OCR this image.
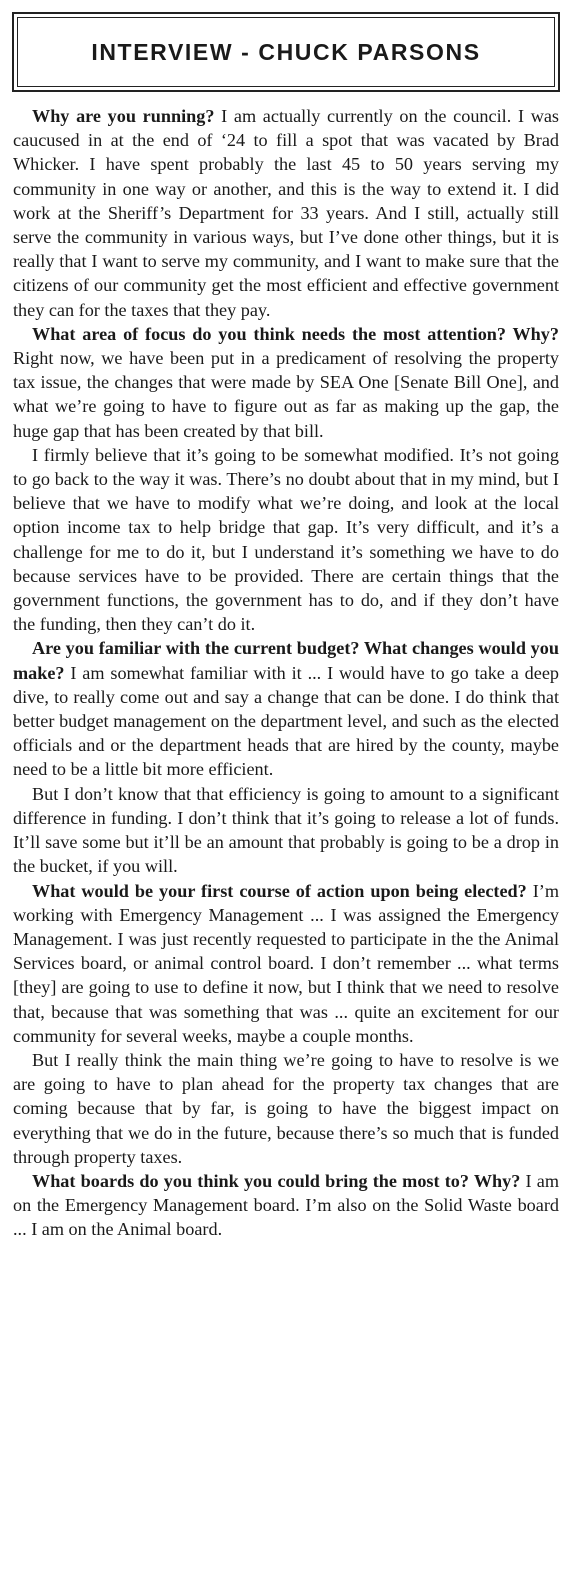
INTERVIEW - CHUCK PARSONS

Why are you running? I am actually currently on the council. I was caucused in at the end of ‘24 to fill a spot that was vacated by Brad Whicker. I have spent probably the last 45 to 50 years serving my community in one way or another, and this is the way to extend it. I did work at the Sheriff’s Department for 33 years. And I still, actually still serve the community in various ways, but I’ve done other things, but it is really that I want to serve my community, and I want to make sure that the citizens of our community get the most efficient and effective government they can for the taxes that they pay.

What area of focus do you think needs the most attention? Why? Right now, we have been put in a predicament of resolving the property tax issue, the changes that were made by SEA One [Senate Bill One], and what we’re going to have to figure out as far as making up the gap, the huge gap that has been created by that bill.

I firmly believe that it’s going to be somewhat modified. It’s not going to go back to the way it was. There’s no doubt about that in my mind, but I believe that we have to modify what we’re doing, and look at the local option income tax to help bridge that gap. It’s very difficult, and it’s a challenge for me to do it, but I understand it’s something we have to do because services have to be provided. There are certain things that the government functions, the government has to do, and if they don’t have the funding, then they can’t do it.

Are you familiar with the current budget? What changes would you make? I am somewhat familiar with it ... I would have to go take a deep dive, to really come out and say a change that can be done. I do think that better budget management on the department level, and such as the elected officials and or the department heads that are hired by the county, maybe need to be a little bit more efficient.

But I don’t know that that efficiency is going to amount to a significant difference in funding. I don’t think that it’s going to release a lot of funds. It’ll save some but it’ll be an amount that probably is going to be a drop in the bucket, if you will.

What would be your first course of action upon being elected? I’m working with Emergency Management ... I was assigned the Emergency Management. I was just recently requested to participate in the the Animal Services board, or animal control board. I don’t remember ... what terms [they] are going to use to define it now, but I think that we need to resolve that, because that was something that was ... quite an excitement for our community for several weeks, maybe a couple months.

But I really think the main thing we’re going to have to resolve is we are going to have to plan ahead for the property tax changes that are coming because that by far, is going to have the biggest impact on everything that we do in the future, because there’s so much that is funded through property taxes.

What boards do you think you could bring the most to? Why? I am on the Emergency Management board. I’m also on the Solid Waste board ... I am on the Animal board.
